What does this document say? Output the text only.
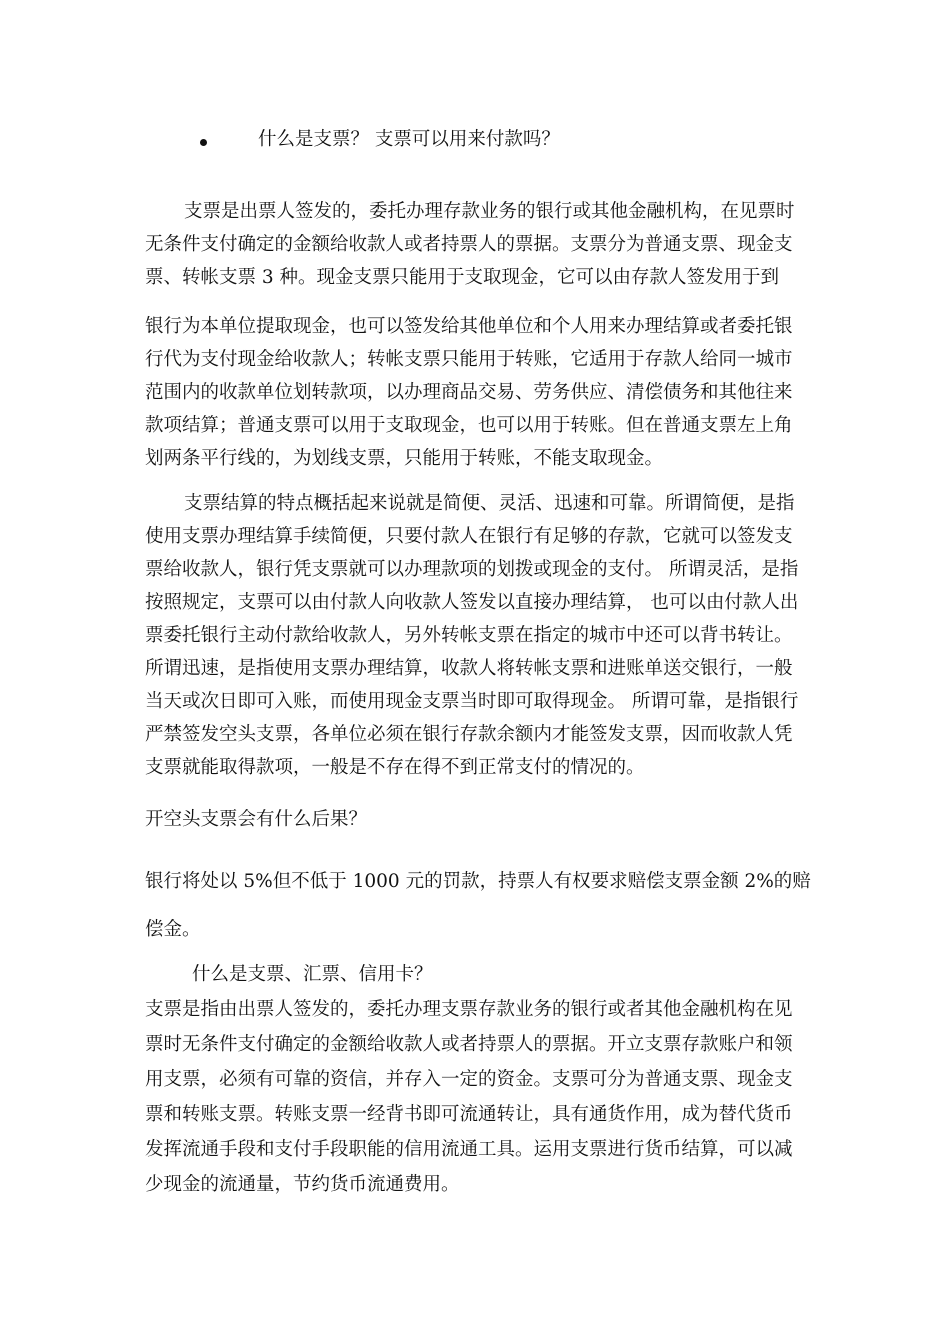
什么是支票？ 支票可以用来付款吗？
支票是出票人签发的，委托办理存款业务的银行或其他金融机构，在见票时
无条件支付确定的金额给收款人或者持票人的票据。支票分为普通支票、现金支
票、转帐支票 3 种。现金支票只能用于支取现金，它可以由存款人签发用于到
银行为本单位提取现金，也可以签发给其他单位和个人用来办理结算或者委托银
行代为支付现金给收款人；转帐支票只能用于转账，它适用于存款人给同一城市
范围内的收款单位划转款项，以办理商品交易、劳务供应、清偿债务和其他往来
款项结算；普通支票可以用于支取现金，也可以用于转账。但在普通支票左上角
划两条平行线的，为划线支票，只能用于转账，不能支取现金。
支票结算的特点概括起来说就是简便、灵活、迅速和可靠。所谓简便，是指
使用支票办理结算手续简便，只要付款人在银行有足够的存款，它就可以签发支
票给收款人，银行凭支票就可以办理款项的划拨或现金的支付。 所谓灵活，是指
按照规定，支票可以由付款人向收款人签发以直接办理结算， 也可以由付款人出
票委托银行主动付款给收款人，另外转帐支票在指定的城市中还可以背书转让。
所谓迅速，是指使用支票办理结算，收款人将转帐支票和进账单送交银行，一般
当天或次日即可入账，而使用现金支票当时即可取得现金。 所谓可靠，是指银行
严禁签发空头支票，各单位必须在银行存款余额内才能签发支票，因而收款人凭
支票就能取得款项，一般是不存在得不到正常支付的情况的。
开空头支票会有什么后果？
银行将处以 5%但不低于 1000 元的罚款，持票人有权要求赔偿支票金额 2%的赔
偿金。
什么是支票、汇票、信用卡？
支票是指由出票人签发的，委托办理支票存款业务的银行或者其他金融机构在见
票时无条件支付确定的金额给收款人或者持票人的票据。开立支票存款账户和领
用支票，必须有可靠的资信，并存入一定的资金。支票可分为普通支票、现金支
票和转账支票。转账支票一经背书即可流通转让，具有通货作用，成为替代货币
发挥流通手段和支付手段职能的信用流通工具。运用支票进行货币结算，可以减
少现金的流通量，节约货币流通费用。
